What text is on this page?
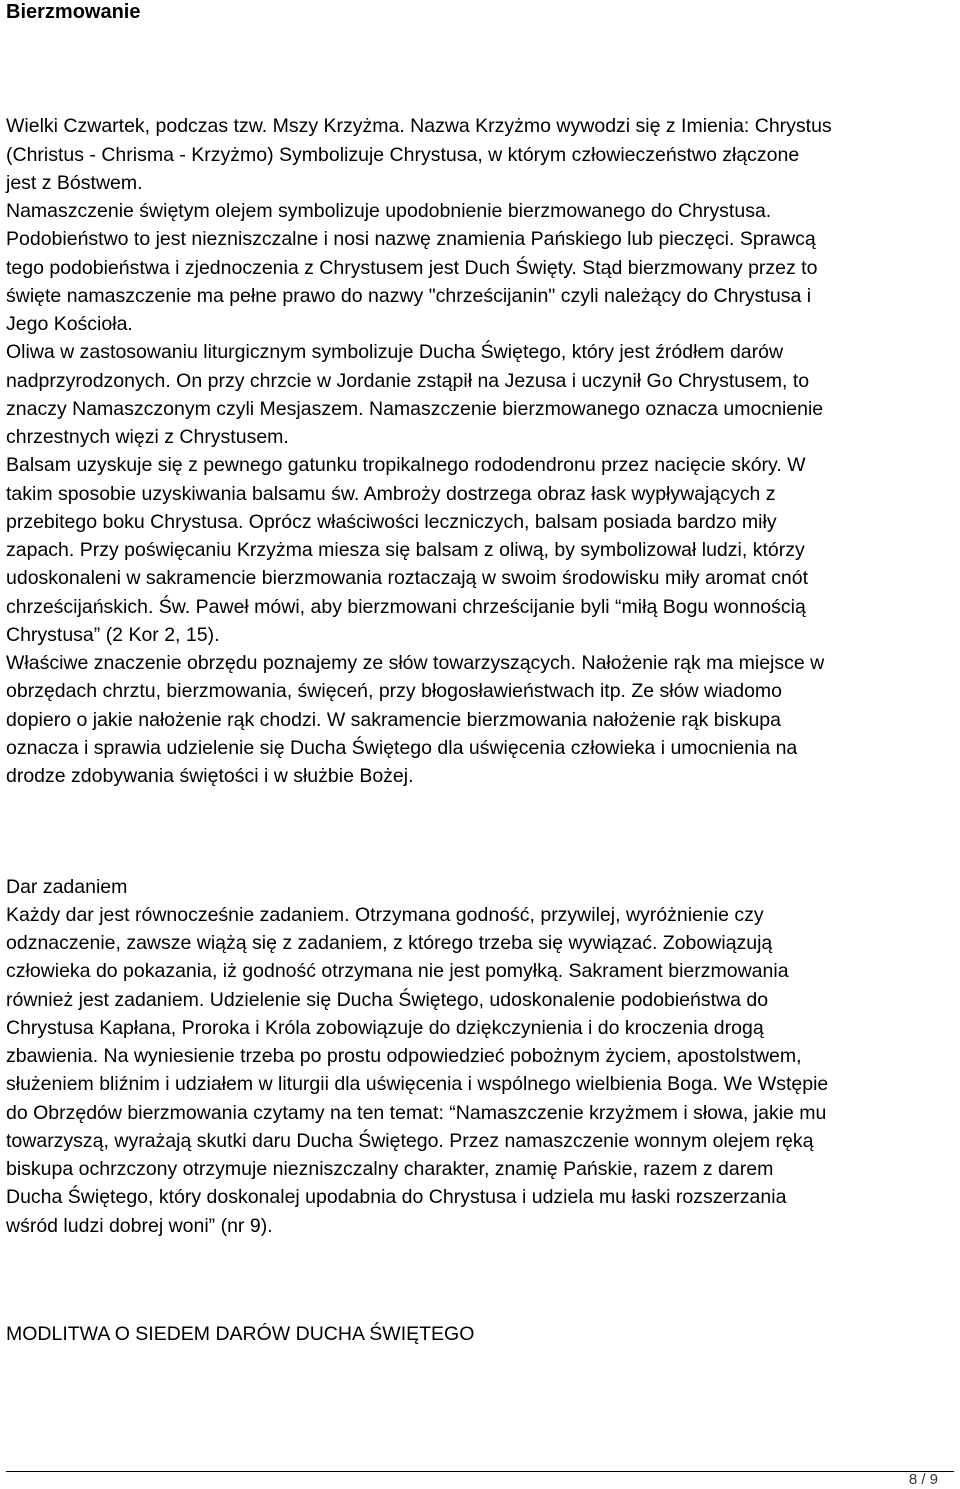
Bierzmowanie
Wielki Czwartek, podczas tzw. Mszy Krzyżma. Nazwa Krzyżmo wywodzi się z Imienia: Chrystus
(Christus - Chrisma - Krzyżmo) Symbolizuje Chrystusa, w którym człowieczeństwo złączone
jest z Bóstwem.
Namaszczenie świętym olejem symbolizuje upodobnienie bierzmowanego do Chrystusa.
Podobieństwo to jest niezniszczalne i nosi nazwę znamienia Pańskiego lub pieczęci. Sprawcą
tego podobieństwa i zjednoczenia z Chrystusem jest Duch Święty. Stąd bierzmowany przez to
święte namaszczenie ma pełne prawo do nazwy "chrześcijanin" czyli należący do Chrystusa i
Jego Kościoła.
Oliwa w zastosowaniu liturgicznym symbolizuje Ducha Świętego, który jest źródłem darów
nadprzyrodzonych. On przy chrzcie w Jordanie zstąpił na Jezusa i uczynił Go Chrystusem, to
znaczy Namaszczonym czyli Mesjaszem. Namaszczenie bierzmowanego oznacza umocnienie
chrzestnych więzi z Chrystusem.
Balsam uzyskuje się z pewnego gatunku tropikalnego rododendronu przez nacięcie skóry. W
takim sposobie uzyskiwania balsamu św. Ambroży dostrzega obraz łask wypływających z
przebitego boku Chrystusa. Oprócz właściwości leczniczych, balsam posiada bardzo miły
zapach. Przy poświęcaniu Krzyżma miesza się balsam z oliwą, by symbolizował ludzi, którzy
udoskonaleni w sakramencie bierzmowania roztaczają w swoim środowisku miły aromat cnót
chrześcijańskich. Św. Paweł mówi, aby bierzmowani chrześcijanie byli “miłą Bogu wonnością
Chrystusa” (2 Kor 2, 15).
Właściwe znaczenie obrzędu poznajemy ze słów towarzyszących. Nałożenie rąk ma miejsce w
obrzędach chrztu, bierzmowania, święceń, przy błogosławieństwach itp. Ze słów wiadomo
dopiero o jakie nałożenie rąk chodzi. W sakramencie bierzmowania nałożenie rąk biskupa
oznacza i sprawia udzielenie się Ducha Świętego dla uświęcenia człowieka i umocnienia na
drodze zdobywania świętości i w służbie Bożej.
Dar zadaniem
Każdy dar jest równocześnie zadaniem. Otrzymana godność, przywilej, wyróżnienie czy
odznaczenie, zawsze wiążą się z zadaniem, z którego trzeba się wywiązać. Zobowiązują
człowieka do pokazania, iż godność otrzymana nie jest pomyłką. Sakrament bierzmowania
również jest zadaniem. Udzielenie się Ducha Świętego, udoskonalenie podobieństwa do
Chrystusa Kapłana, Proroka i Króla zobowiązuje do dziękczynienia i do kroczenia drogą
zbawienia. Na wyniesienie trzeba po prostu odpowiedzieć pobożnym życiem, apostolstwem,
służeniem bliźnim i udziałem w liturgii dla uświęcenia i wspólnego wielbienia Boga. We Wstępie
do Obrzędów bierzmowania czytamy na ten temat: “Namaszczenie krzyżmem i słowa, jakie mu
towarzyszą, wyrażają skutki daru Ducha Świętego. Przez namaszczenie wonnym olejem ręką
biskupa ochrzczony otrzymuje niezniszczalny charakter, znamię Pańskie, razem z darem
Ducha Świętego, który doskonalej upodabnia do Chrystusa i udziela mu łaski rozszerzania
wśród ludzi dobrej woni” (nr 9).
MODLITWA O SIEDEM DARÓW DUCHA ŚWIĘTEGO
8 / 9
